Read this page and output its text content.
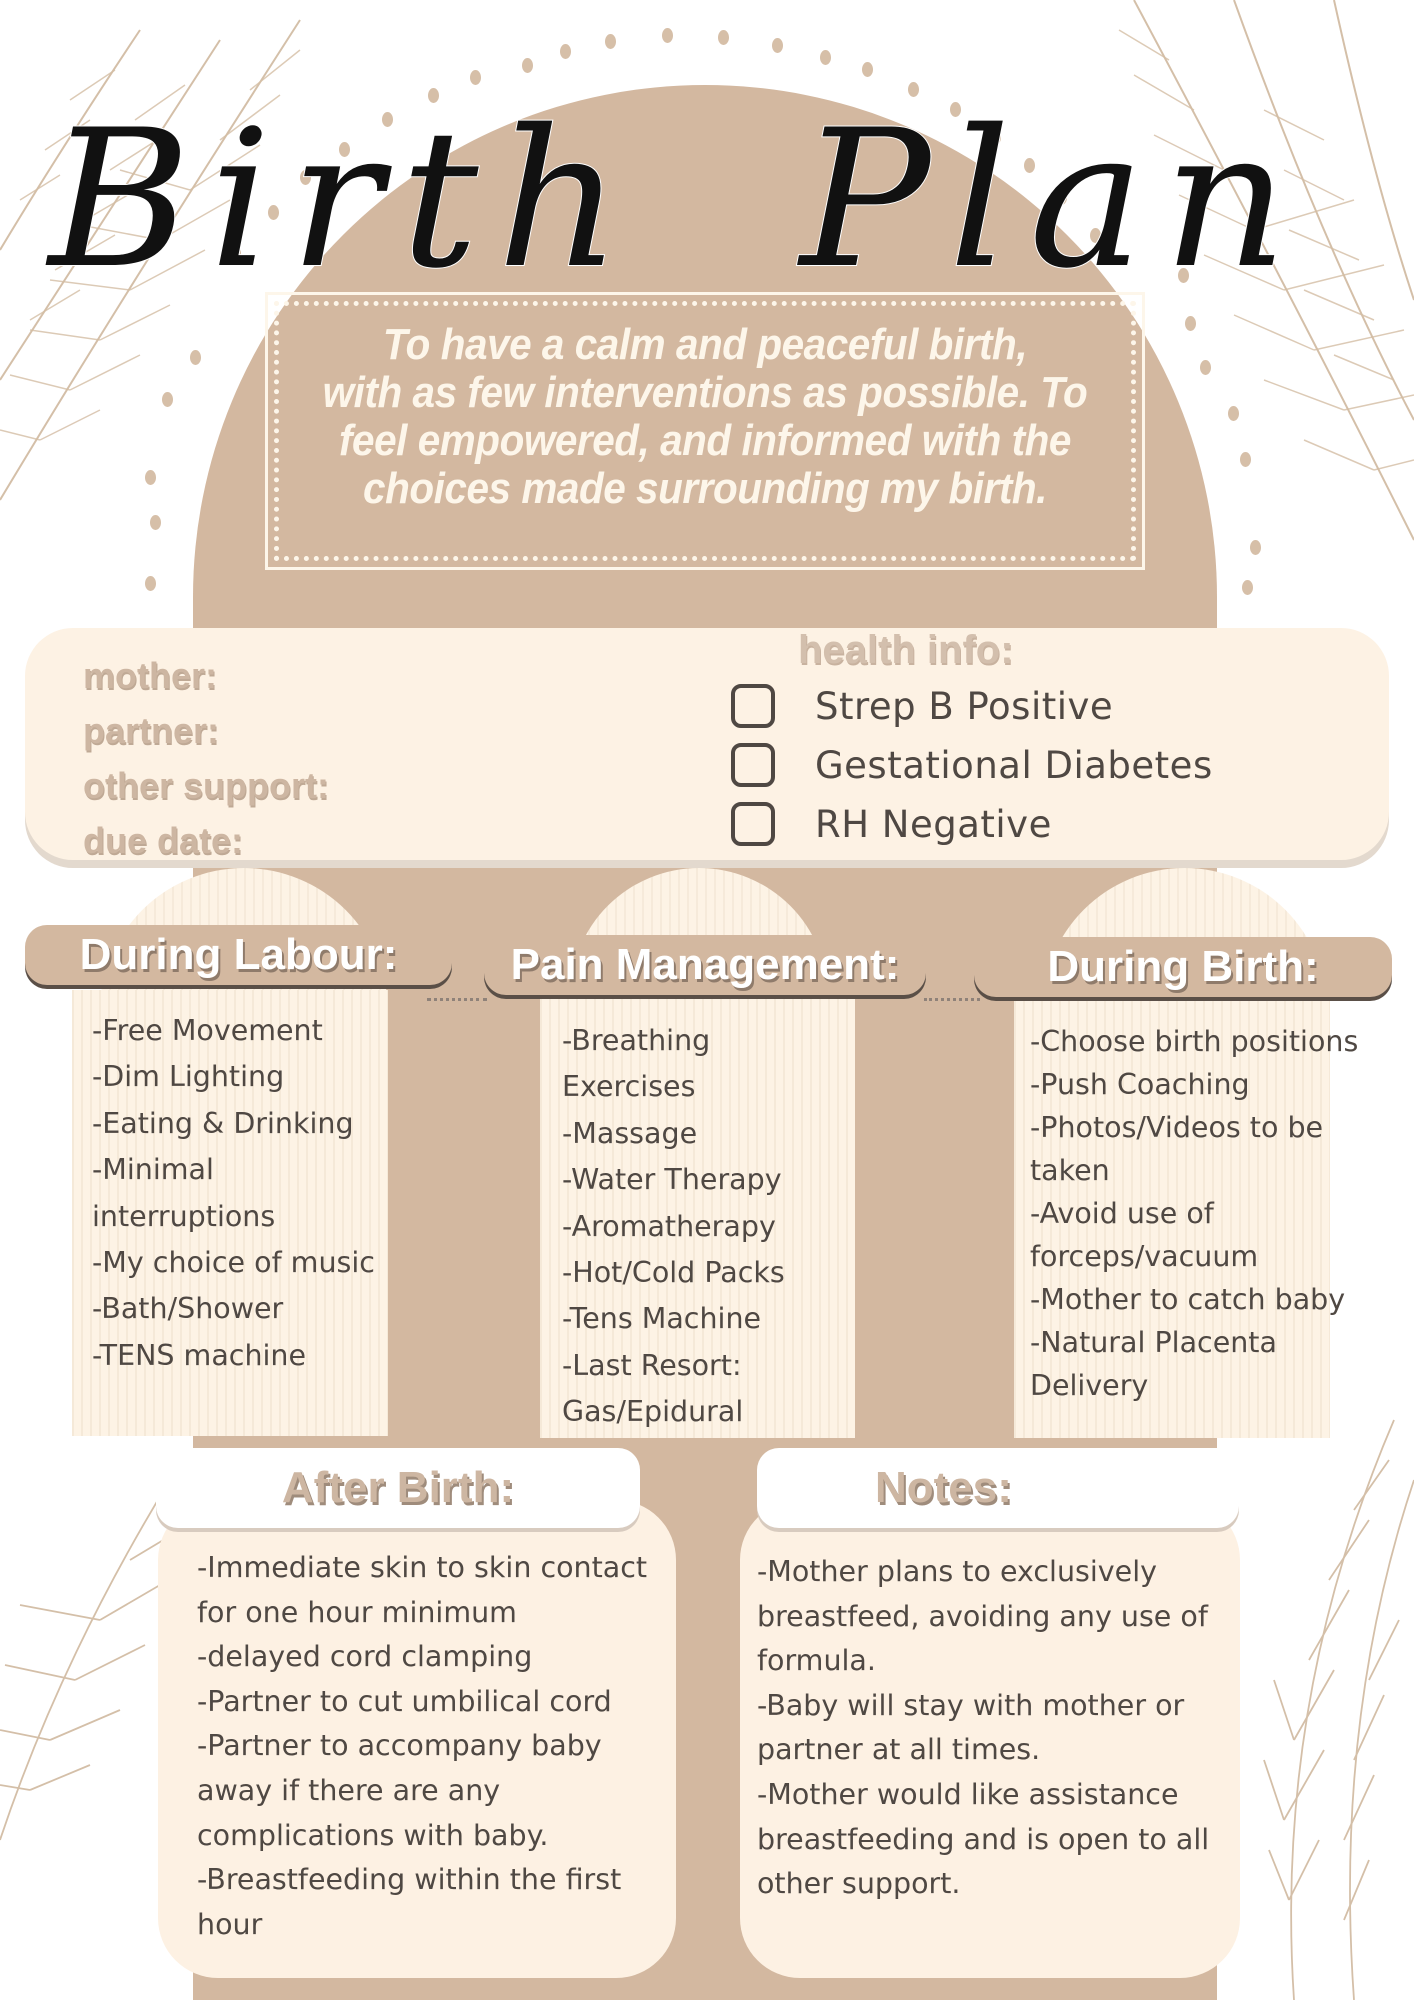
Birth Plan
To have a calm and peaceful birth,
with as few interventions as possible. To
feel empowered, and informed with the
choices made surrounding my birth.
mother:
partner:
other support:
due date:
health info:
Strep B Positive
Gestational Diabetes
RH Negative
During Labour:
-Free Movement
-Dim Lighting
-Eating & Drinking
-Minimal
interruptions
-My choice of music
-Bath/Shower
-TENS machine
Pain Management:
-Breathing
Exercises
-Massage
-Water Therapy
-Aromatherapy
-Hot/Cold Packs
-Tens Machine
-Last Resort:
Gas/Epidural
During Birth:
-Choose birth positions
-Push Coaching
-Photos/Videos to be
taken
-Avoid use of
forceps/vacuum
-Mother to catch baby
-Natural Placenta
Delivery
After Birth:
-Immediate skin to skin contact
for one hour minimum
-delayed cord clamping
-Partner to cut umbilical cord
-Partner to accompany baby
away if there are any
complications with baby.
-Breastfeeding within the first
hour
Notes:
-Mother plans to exclusively
breastfeed, avoiding any use of
formula.
-Baby will stay with mother or
partner at all times.
-Mother would like assistance
breastfeeding and is open to all
other support.
